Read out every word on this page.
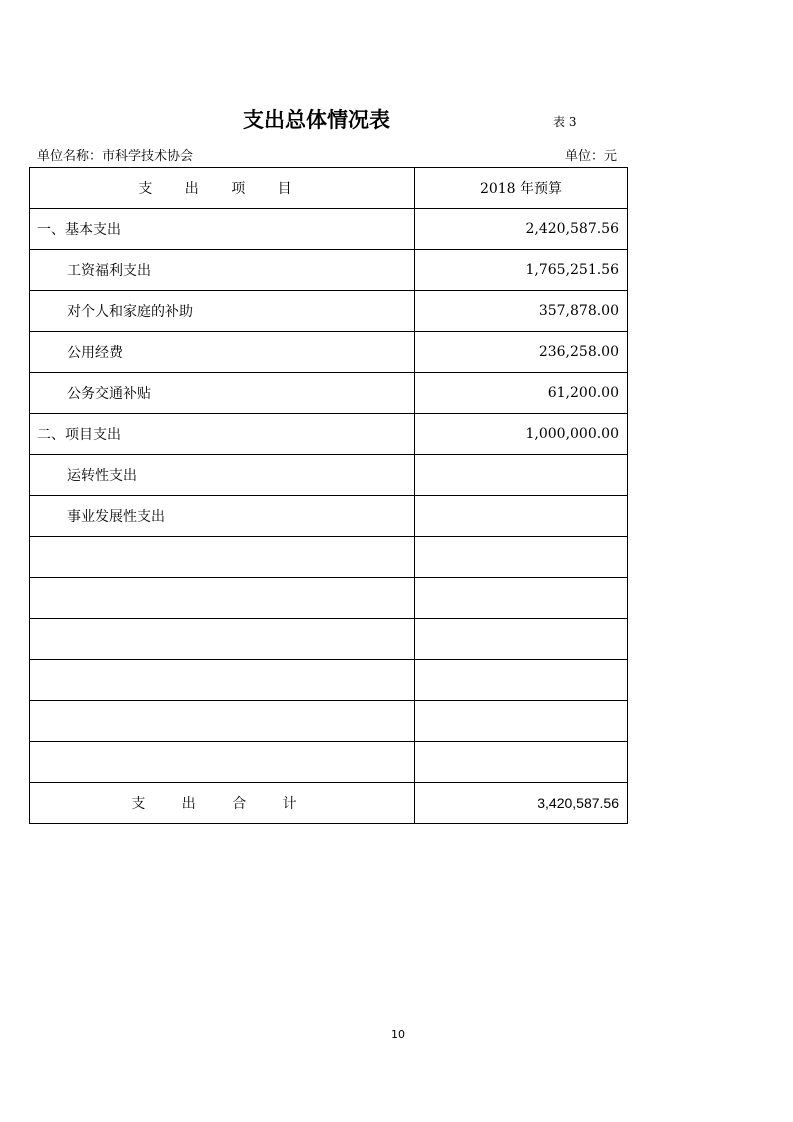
支出总体情况表	表 3
单位名称：市科学技术协会	单位：元
支 出 项 目	2018 年预算
一、基本支出	2,420,587.56
工资福利支出	1,765,251.56
对个人和家庭的补助	357,878.00
公用经费	236,258.00
公务交通补贴	61,200.00
二、项目支出	1,000,000.00
运转性支出	
事业发展性支出	

支 出 合 计	3,420,587.56
10
